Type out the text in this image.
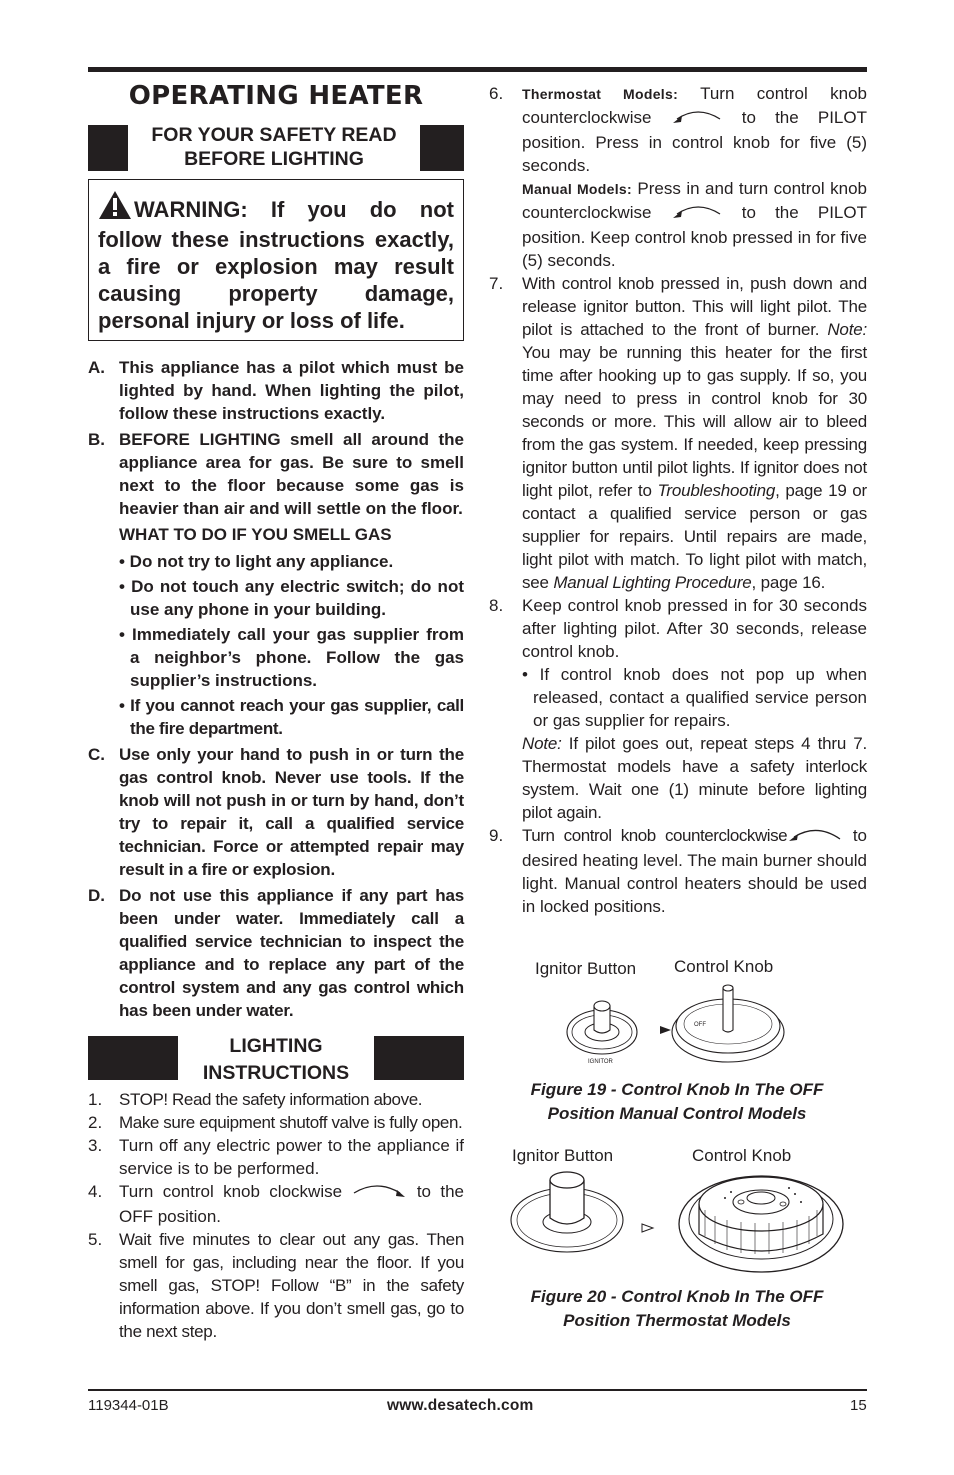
OPERATING HEATER
FOR YOUR SAFETY READ
BEFORE LIGHTING
WARNING: If you do not follow these instructions exactly, a fire or explosion may result causing property damage, personal injury or loss of life.
A. This appliance has a pilot which must be lighted by hand. When lighting the pilot, follow these instructions exactly.
B. BEFORE LIGHTING smell all around the appliance area for gas. Be sure to smell next to the floor because some gas is heavier than air and will settle on the floor.
WHAT TO DO IF YOU SMELL GAS
• Do not try to light any appliance.
• Do not touch any electric switch; do not use any phone in your building.
• Immediately call your gas supplier from a neighbor’s phone. Follow the gas supplier’s instructions.
• If you cannot reach your gas supplier, call the fire department.
C. Use only your hand to push in or turn the gas control knob. Never use tools. If the knob will not push in or turn by hand, don’t try to repair it, call a qualified service technician. Force or attempted repair may result in a fire or explosion.
D. Do not use this appliance if any part has been under water. Immediately call a qualified service technician to inspect the appliance and to replace any part of the control system and any gas control which has been under water.
LIGHTING
INSTRUCTIONS
1. STOP! Read the safety information above.
2. Make sure equipment shutoff valve is fully open.
3. Turn off any electric power to the appliance if service is to be performed.
4. Turn control knob clockwise	to the OFF position.
5. Wait five minutes to clear out any gas. Then smell for gas, including near the floor. If you smell gas, STOP! Follow “B” in the safety information above. If you don’t smell gas, go to the next step.
6.	Thermostat Models: Turn control knob counterclockwise	to the PILOT position. Press in control knob for five (5) seconds.
Manual Models: Press in and turn control knob counterclockwise	to the PILOT position. Keep control knob pressed in for five (5) seconds.
7.	With control knob pressed in, push down and release ignitor button. This will light pilot. The pilot is attached to the front of burner. Note: You may be running this heater for the first time after hooking up to gas supply. If so, you may need to press in control knob for 30 seconds or more. This will allow air to bleed from the gas system. If needed, keep pressing ignitor button until pilot lights. If ignitor does not light pilot, refer to Troubleshooting, page 19 or contact a qualified service person or gas supplier for repairs. Until repairs are made, light pilot with match. To light pilot with match, see Manual Lighting Procedure, page 16.
8.	Keep control knob pressed in for 30 seconds after lighting pilot. After 30 seconds, release control knob.
• If control knob does not pop up when released, contact a qualified service person or gas supplier for repairs.
Note: If pilot goes out, repeat steps 4 thru 7. Thermostat models have a safety interlock system. Wait one (1) minute before lighting pilot again.
9.	Turn control knob counterclockwise	to desired heating level. The main burner should light. Manual control heaters should be used in locked positions.
Ignitor Button Control Knob
IGNITOR
OFF
Figure 19 - Control Knob In The OFF
Position Manual Control Models
Ignitor Button	Control Knob
Figure 20 - Control Knob In The OFF
Position Thermostat Models
119344-01B	www.desatech.com	15
